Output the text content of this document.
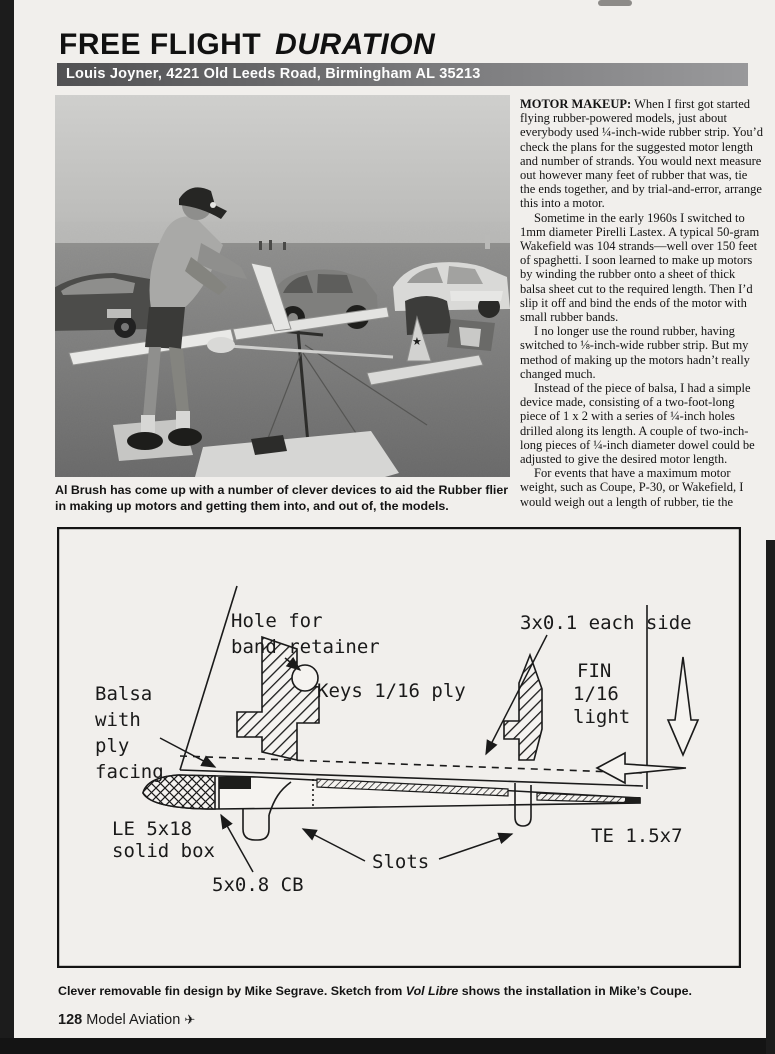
FREE FLIGHT DURATION
Louis Joyner, 4221 Old Leeds Road, Birmingham AL 35213
★
Al Brush has come up with a number of clever devices to aid the Rubber flier in making up motors and getting them into, and out of, the models.

MOTOR MAKEUP: When I first got started flying rubber-powered models, just about everybody used ¼-inch-wide rubber strip. You’d check the plans for the suggested motor length and number of strands. You would next measure out however many feet of rubber that was, tie the ends together, and by trial-and-error, arrange this into a motor.

Sometime in the early 1960s I switched to 1mm diameter Pirelli Lastex. A typical 50-gram Wakefield was 104 strands—well over 150 feet of spaghetti. I soon learned to make up motors by winding the rubber onto a sheet of thick balsa sheet cut to the required length. Then I’d slip it off and bind the ends of the motor with small rubber bands.

I no longer use the round rubber, having switched to ⅛-inch-wide rubber strip. But my method of making up the motors hadn’t really changed much.

Instead of the piece of balsa, I had a simple device made, consisting of a two-foot-long piece of 1 x 2 with a series of ¼-inch holes drilled along its length. A couple of two-inch-long pieces of ¼-inch diameter dowel could be adjusted to give the desired motor length.

For events that have a maximum motor weight, such as Coupe, P-30, or Wakefield, I would weigh out a length of rubber, tie the

Hole for
band retainer
Keys 1/16 ply
3x0.1 each side
FIN
1/16
light
Balsa
with
ply
facing
LE 5x18
solid box
5x0.8 CB
Slots
TE 1.5x7
Clever removable fin design by Mike Segrave. Sketch from Vol Libre shows the installation in Mike’s Coupe.
128 Model Aviation ✈
